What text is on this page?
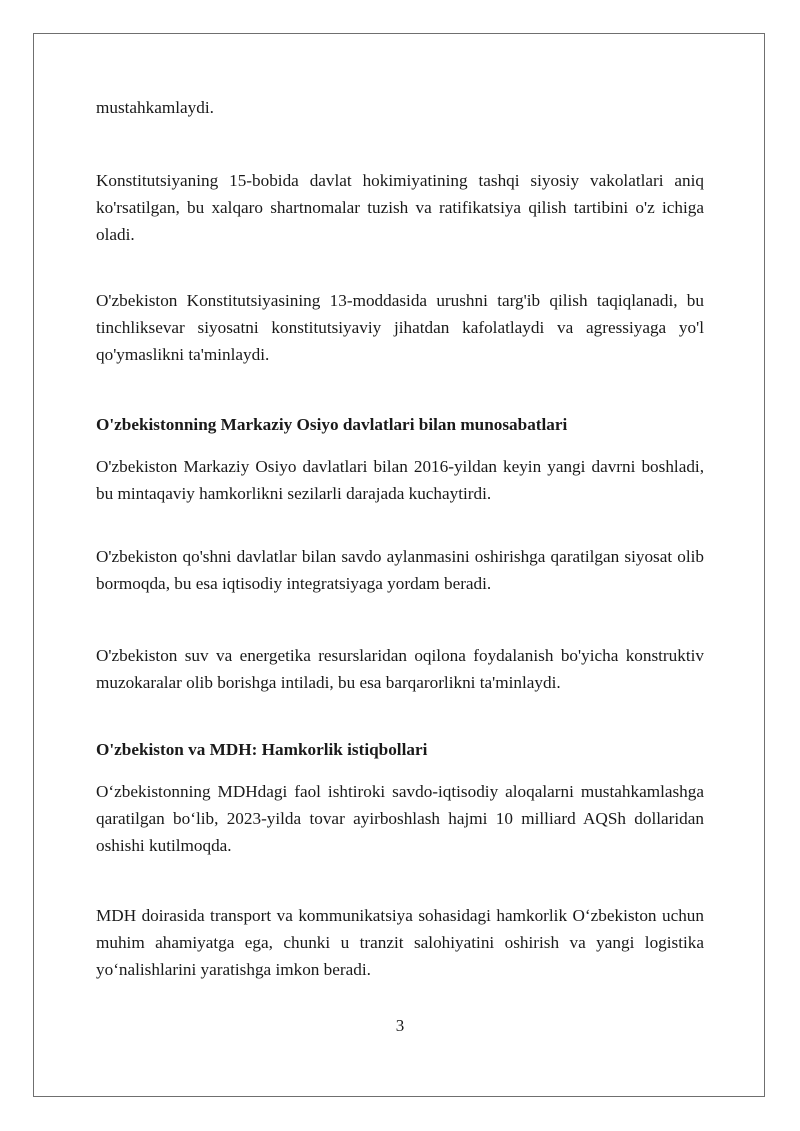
mustahkamlaydi.

Konstitutsiyaning 15-bobida davlat hokimiyatining tashqi siyosiy vakolatlari aniq ko'rsatilgan, bu xalqaro shartnomalar tuzish va ratifikatsiya qilish tartibini o'z ichiga oladi.

O'zbekiston Konstitutsiyasining 13-moddasida urushni targ'ib qilish taqiqlanadi, bu tinchliksevar siyosatni konstitutsiyaviy jihatdan kafolatlaydi va agressiyaga yo'l qo'ymaslikni ta'minlaydi.

O'zbekistonning Markaziy Osiyo davlatlari bilan munosabatlari

O'zbekiston Markaziy Osiyo davlatlari bilan 2016-yildan keyin yangi davrni boshladi, bu mintaqaviy hamkorlikni sezilarli darajada kuchaytirdi.

O'zbekiston qo'shni davlatlar bilan savdo aylanmasini oshirishga qaratilgan siyosat olib bormoqda, bu esa iqtisodiy integratsiyaga yordam beradi.

O'zbekiston suv va energetika resurslaridan oqilona foydalanish bo'yicha konstruktiv muzokaralar olib borishga intiladi, bu esa barqarorlikni ta'minlaydi.

O'zbekiston va MDH: Hamkorlik istiqbollari

O‘zbekistonning MDHdagi faol ishtiroki savdo-iqtisodiy aloqalarni mustahkamlashga qaratilgan bo‘lib, 2023-yilda tovar ayirboshlash hajmi 10 milliard AQSh dollaridan oshishi kutilmoqda.

MDH doirasida transport va kommunikatsiya sohasidagi hamkorlik O‘zbekiston uchun muhim ahamiyatga ega, chunki u tranzit salohiyatini oshirish va yangi logistika yo‘nalishlarini yaratishga imkon beradi.

3
